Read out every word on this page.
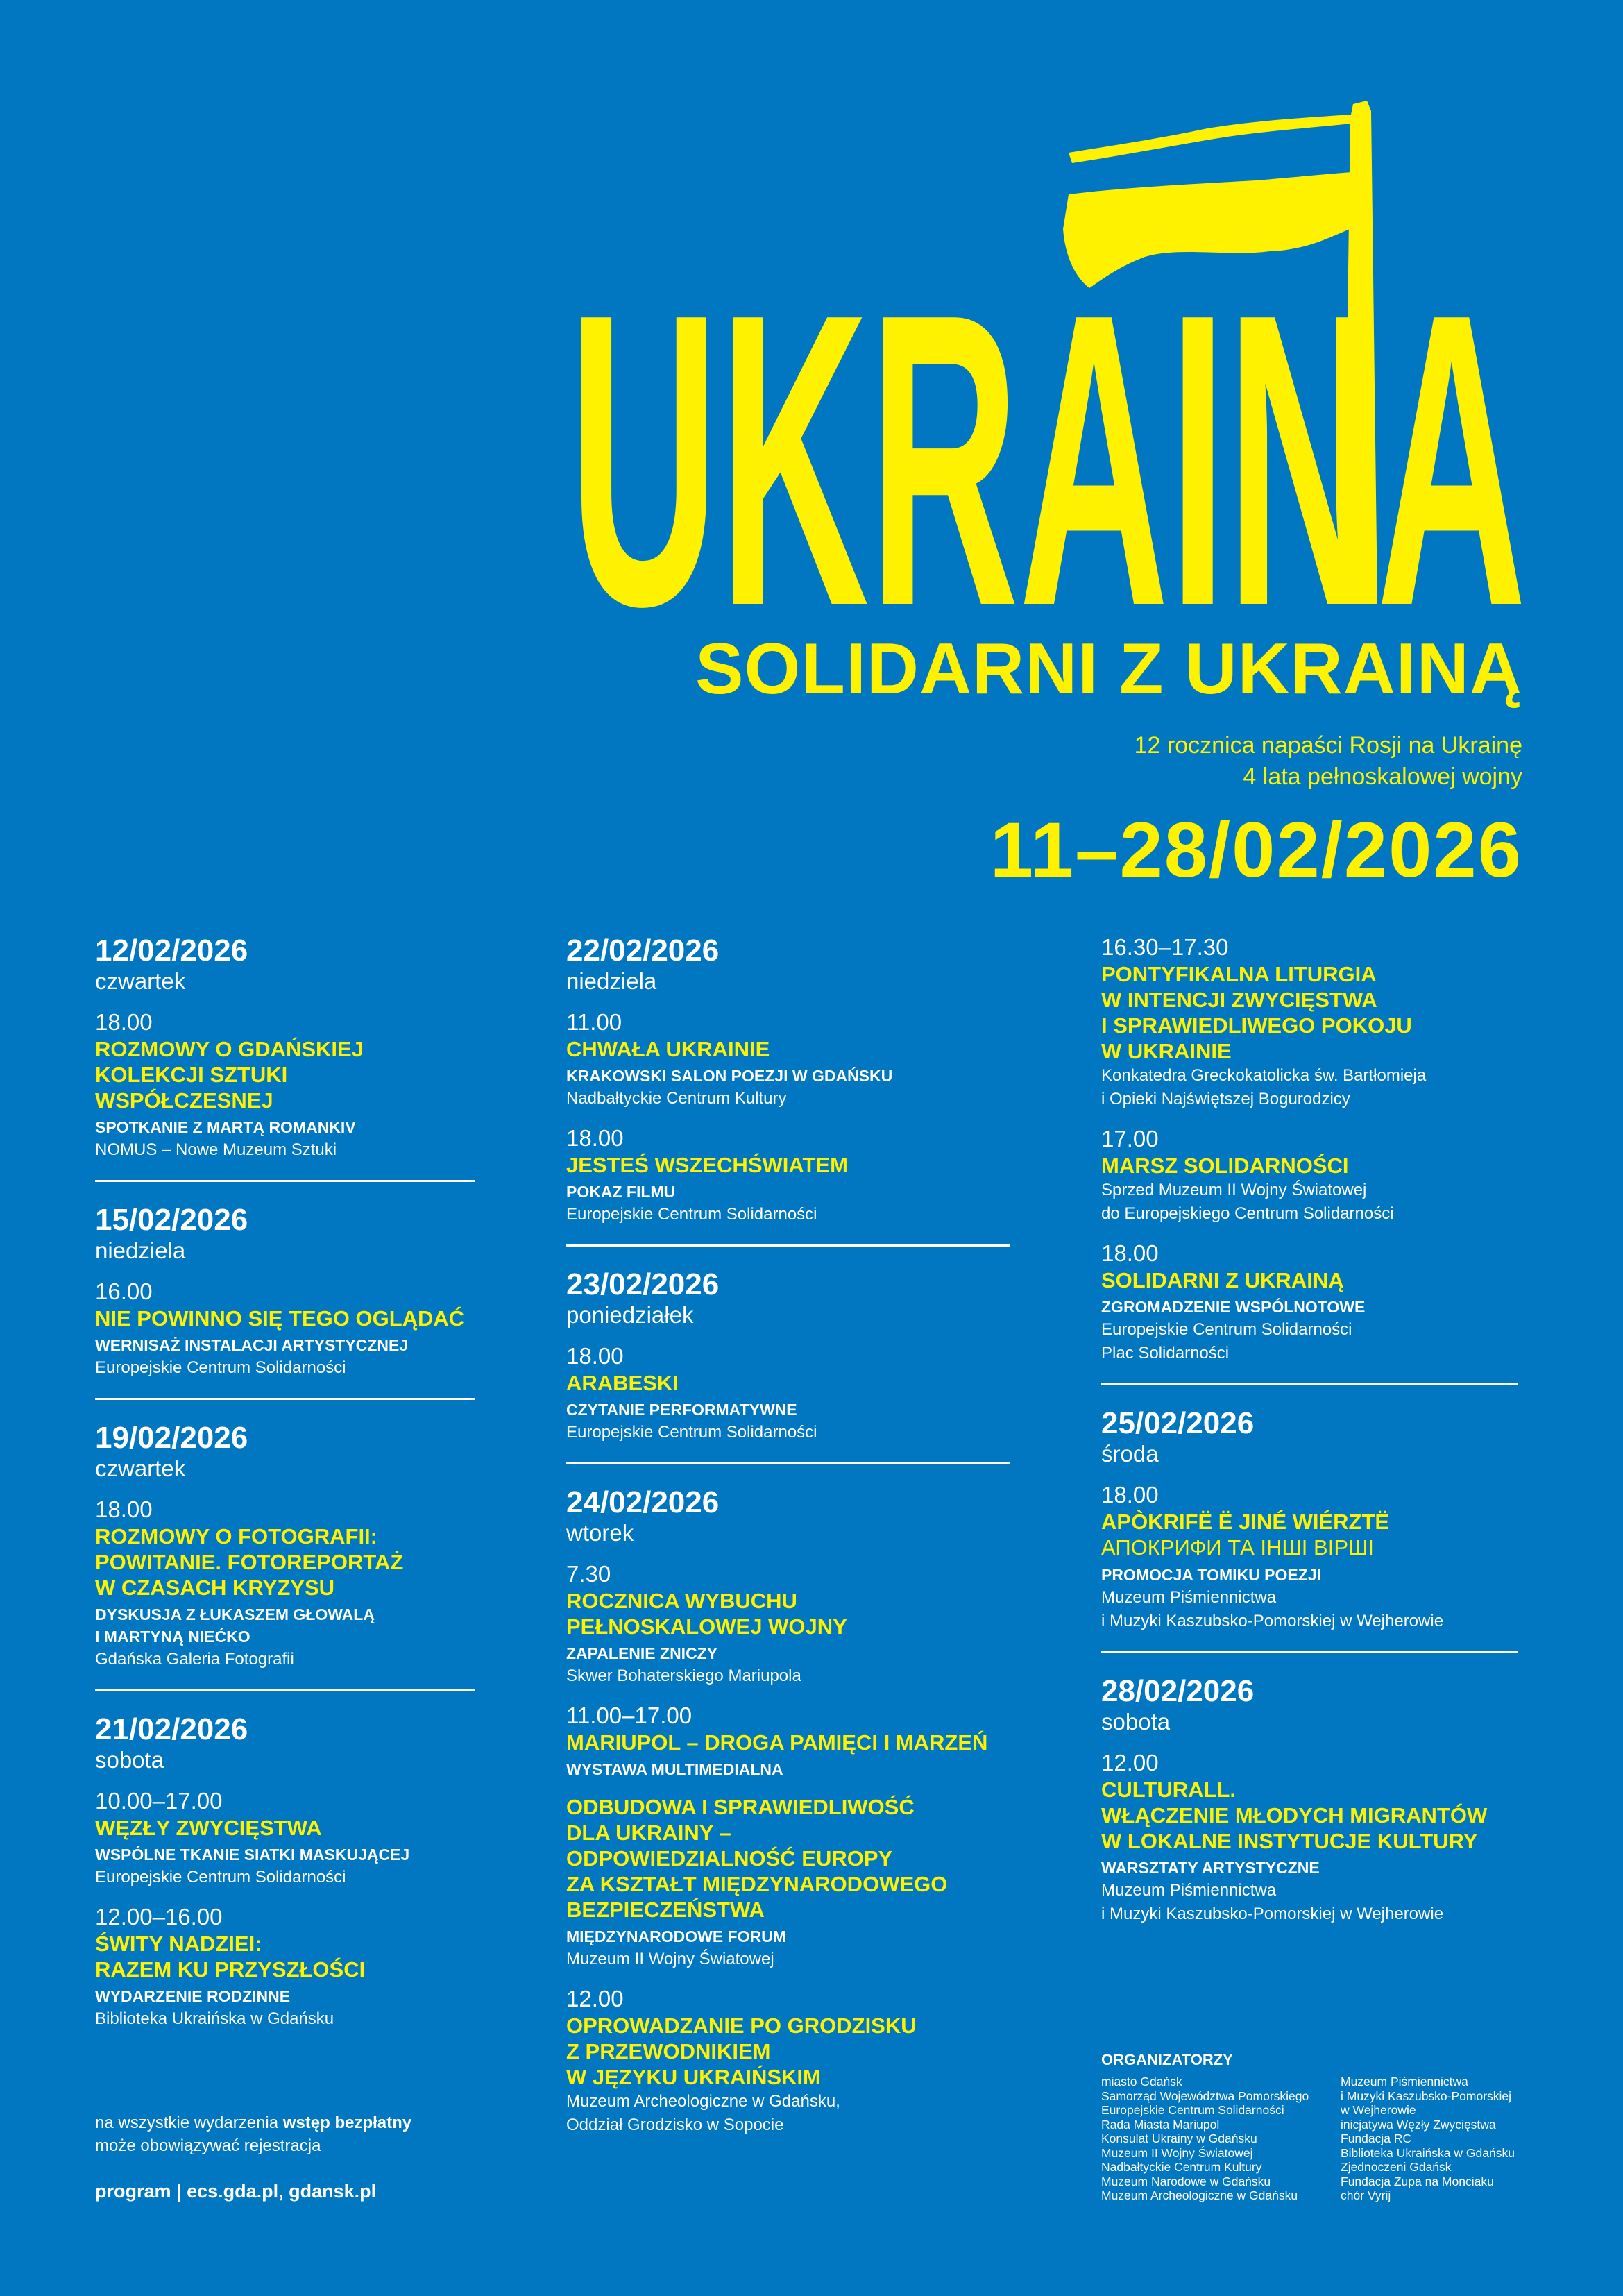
UKRAINA
SOLIDARNI Z UKRAINĄ
12 rocznica napaści Rosji na Ukrainę
4 lata pełnoskalowej wojny
11–28/02/2026
12/02/2026
czwartek
18.00
ROZMOWY O GDAŃSKIEJ
KOLEKCJI SZTUKI
WSPÓŁCZESNEJ
SPOTKANIE Z MARTĄ ROMANKIV
NOMUS – Nowe Muzeum Sztuki
15/02/2026
niedziela
16.00
NIE POWINNO SIĘ TEGO OGLĄDAĆ
WERNISAŻ INSTALACJI ARTYSTYCZNEJ
Europejskie Centrum Solidarności
19/02/2026
czwartek
18.00
ROZMOWY O FOTOGRAFII:
POWITANIE. FOTOREPORTAŻ
W CZASACH KRYZYSU
DYSKUSJA Z ŁUKASZEM GŁOWALĄ
I MARTYNĄ NIEĆKO
Gdańska Galeria Fotografii
21/02/2026
sobota
10.00–17.00
WĘZŁY ZWYCIĘSTWA
WSPÓLNE TKANIE SIATKI MASKUJĄCEJ
Europejskie Centrum Solidarności
12.00–16.00
ŚWITY NADZIEI:
RAZEM KU PRZYSZŁOŚCI
WYDARZENIE RODZINNE
Biblioteka Ukraińska w Gdańsku
22/02/2026
niedziela
11.00
CHWAŁA UKRAINIE
KRAKOWSKI SALON POEZJI W GDAŃSKU
Nadbałtyckie Centrum Kultury
18.00
JESTEŚ WSZECHŚWIATEM
POKAZ FILMU
Europejskie Centrum Solidarności
23/02/2026
poniedziałek
18.00
ARABESKI
CZYTANIE PERFORMATYWNE
Europejskie Centrum Solidarności
24/02/2026
wtorek
7.30
ROCZNICA WYBUCHU
PEŁNOSKALOWEJ WOJNY
ZAPALENIE ZNICZY
Skwer Bohaterskiego Mariupola
11.00–17.00
MARIUPOL – DROGA PAMIĘCI I MARZEŃ
WYSTAWA MULTIMEDIALNA
ODBUDOWA I SPRAWIEDLIWOŚĆ
DLA UKRAINY –
ODPOWIEDZIALNOŚĆ EUROPY
ZA KSZTAŁT MIĘDZYNARODOWEGO
BEZPIECZEŃSTWA
MIĘDZYNARODOWE FORUM
Muzeum II Wojny Światowej
12.00
OPROWADZANIE PO GRODZISKU
Z PRZEWODNIKIEM
W JĘZYKU UKRAIŃSKIM
Muzeum Archeologiczne w Gdańsku,
Oddział Grodzisko w Sopocie
16.30–17.30
PONTYFIKALNA LITURGIA
W INTENCJI ZWYCIĘSTWA
I SPRAWIEDLIWEGO POKOJU
W UKRAINIE
Konkatedra Greckokatolicka św. Bartłomieja
i Opieki Najświętszej Bogurodzicy
17.00
MARSZ SOLIDARNOŚCI
Sprzed Muzeum II Wojny Światowej
do Europejskiego Centrum Solidarności
18.00
SOLIDARNI Z UKRAINĄ
ZGROMADZENIE WSPÓLNOTOWE
Europejskie Centrum Solidarności
Plac Solidarności
25/02/2026
środa
18.00
APÒKRIFË Ë JINÉ WIÉRZTË
АПОКРИФИ ТА ІНШІ ВІРШІ
PROMOCJA TOMIKU POEZJI
Muzeum Piśmiennictwa
i Muzyki Kaszubsko-Pomorskiej w Wejherowie
28/02/2026
sobota
12.00
CULTURALL.
WŁĄCZENIE MŁODYCH MIGRANTÓW
W LOKALNE INSTYTUCJE KULTURY
WARSZTATY ARTYSTYCZNE
Muzeum Piśmiennictwa
i Muzyki Kaszubsko-Pomorskiej w Wejherowie
na wszystkie wydarzenia wstęp bezpłatny
może obowiązywać rejestracja
program | ecs.gda.pl, gdansk.pl
ORGANIZATORZY
miasto Gdańsk
Samorząd Województwa Pomorskiego
Europejskie Centrum Solidarności
Rada Miasta Mariupol
Konsulat Ukrainy w Gdańsku
Muzeum II Wojny Światowej
Nadbałtyckie Centrum Kultury
Muzeum Narodowe w Gdańsku
Muzeum Archeologiczne w Gdańsku
Muzeum Piśmiennictwa
i Muzyki Kaszubsko-Pomorskiej
w Wejherowie
inicjatywa Węzły Zwycięstwa
Fundacja RC
Biblioteka Ukraińska w Gdańsku
Zjednoczeni Gdańsk
Fundacja Zupa na Monciaku
chór Vyrij
